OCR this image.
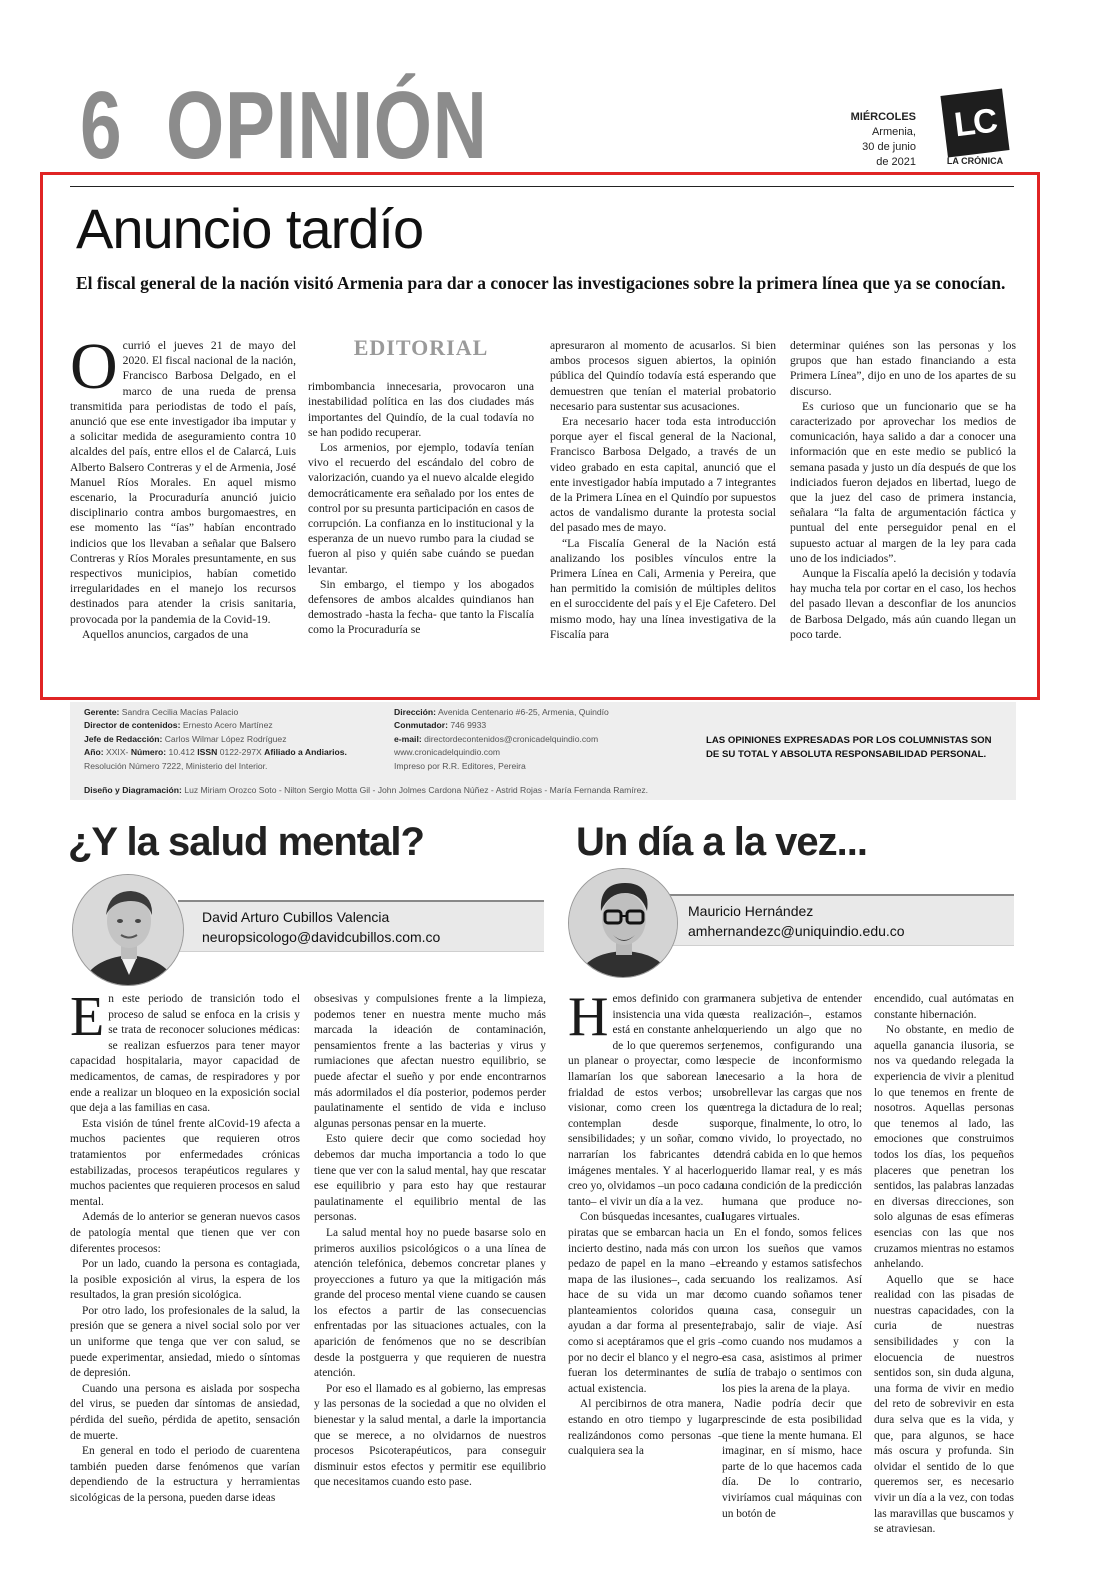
6 OPINIÓN	MIÉRCOLES
Armenia,
30 de junio
de 2021
LC
LA CRÓNICA
Anuncio tardío
El fiscal general de la nación visitó Armenia para dar a conocer las investigaciones sobre la primera línea que ya se conocían.

Ocurrió el jueves 21 de mayo del 2020. El fiscal nacional de la nación, Francisco Barbosa Delgado, en el marco de una rueda de prensa transmitida para periodistas de todo el país, anunció que ese ente investigador iba imputar y a solicitar medida de aseguramiento contra 10 alcaldes del país, entre ellos el de Calarcá, Luis Alberto Balsero Contreras y el de Armenia, José Manuel Ríos Morales. En aquel mismo escenario, la Procuraduría anunció juicio disciplinario contra ambos burgomaestres, en ese momento las “ías” habían encontrado indicios que los llevaban a señalar que Balsero Contreras y Ríos Morales presuntamente, en sus respectivos municipios, habían cometido irregularidades en el manejo los recursos destinados para atender la crisis sanitaria, provocada por la pandemia de la Covid-19.

Aquellos anuncios, cargados de una

EDITORIAL

rimbombancia innecesaria, provocaron una inestabilidad política en las dos ciudades más importantes del Quindío, de la cual todavía no se han podido recuperar.

Los armenios, por ejemplo, todavía tenían vivo el recuerdo del escándalo del cobro de valorización, cuando ya el nuevo alcalde elegido democráticamente era señalado por los entes de control por su presunta participación en casos de corrupción. La confianza en lo institucional y la esperanza de un nuevo rumbo para la ciudad se fueron al piso y quién sabe cuándo se puedan levantar.

Sin embargo, el tiempo y los abogados defensores de ambos alcaldes quindianos han demostrado -hasta la fecha- que tanto la Fiscalía como la Procuraduría se

apresuraron al momento de acusarlos. Si bien ambos procesos siguen abiertos, la opinión pública del Quindío todavía está esperando que demuestren que tenían el material probatorio necesario para sustentar sus acusaciones.

Era necesario hacer toda esta introducción porque ayer el fiscal general de la Nacional, Francisco Barbosa Delgado, a través de un video grabado en esta capital, anunció que el ente investigador había imputado a 7 integrantes de la Primera Línea en el Quindío por supuestos actos de vandalismo durante la protesta social del pasado mes de mayo.

“La Fiscalía General de la Nación está analizando los posibles vínculos entre la Primera Línea en Cali, Armenia y Pereira, que han permitido la comisión de múltiples delitos en el suroccidente del país y el Eje Cafetero. Del mismo modo, hay una línea investigativa de la Fiscalía para

determinar quiénes son las personas y los grupos que han estado financiando a esta Primera Línea”, dijo en uno de los apartes de su discurso.

Es curioso que un funcionario que se ha caracterizado por aprovechar los medios de comunicación, haya salido a dar a conocer una información que en este medio se publicó la semana pasada y justo un día después de que los indiciados fueron dejados en libertad, luego de que la juez del caso de primera instancia, señalara “la falta de argumentación fáctica y puntual del ente perseguidor penal en el supuesto actuar al margen de la ley para cada uno de los indiciados”.

Aunque la Fiscalía apeló la decisión y todavía hay mucha tela por cortar en el caso, los hechos del pasado llevan a desconfiar de los anuncios de Barbosa Delgado, más aún cuando llegan un poco tarde.

Gerente: Sandra Cecilia Macías Palacio
Director de contenidos: Ernesto Acero Martínez
Jefe de Redacción: Carlos Wilmar López Rodríguez
Año: XXIX- Número: 10.412 ISSN 0122-297X Afiliado a Andiarios.
Resolución Número 7222, Ministerio del Interior.
Dirección: Avenida Centenario #6-25, Armenia, Quindío
Conmutador: 746 9933
e-mail: directordecontenidos@cronicadelquindio.com
www.cronicadelquindio.com
Impreso por R.R. Editores, Pereira
LAS OPINIONES EXPRESADAS POR LOS COLUMNISTAS SON DE SU TOTAL Y ABSOLUTA RESPONSABILIDAD PERSONAL.
Diseño y Diagramación: Luz Miriam Orozco Soto - Nilton Sergio Motta Gil - John Jolmes Cardona Núñez - Astrid Rojas - María Fernanda Ramírez.
¿Y la salud mental?
David Arturo Cubillos Valencia
neuropsicologo@davidcubillos.com.co

En este periodo de transición todo el proceso de salud se enfoca en la crisis y se trata de reconocer soluciones médicas: se realizan esfuerzos para tener mayor capacidad hospitalaria, mayor capacidad de medicamentos, de camas, de respiradores y por ende a realizar un bloqueo en la exposición social que deja a las familias en casa.

Esta visión de túnel frente alCovid-19 afecta a muchos pacientes que requieren otros tratamientos por enfermedades crónicas estabilizadas, procesos terapéuticos regulares y muchos pacientes que requieren procesos en salud mental.

Además de lo anterior se generan nuevos casos de patología mental que tienen que ver con diferentes procesos:

Por un lado, cuando la persona es contagiada, la posible exposición al virus, la espera de los resultados, la gran presión sicológica.

Por otro lado, los profesionales de la salud, la presión que se genera a nivel social solo por ver un uniforme que tenga que ver con salud, se puede experimentar, ansiedad, miedo o síntomas de depresión.

Cuando una persona es aislada por sospecha del virus, se pueden dar síntomas de ansiedad, pérdida del sueño, pérdida de apetito, sensación de muerte.

En general en todo el periodo de cuarentena también pueden darse fenómenos que varían dependiendo de la estructura y herramientas sicológicas de la persona, pueden darse ideas

obsesivas y compulsiones frente a la limpieza, podemos tener en nuestra mente mucho más marcada la ideación de contaminación, pensamientos frente a las bacterias y virus y rumiaciones que afectan nuestro equilibrio, se puede afectar el sueño y por ende encontrarnos más adormilados el día posterior, podemos perder paulatinamente el sentido de vida e incluso algunas personas pensar en la muerte.

Esto quiere decir que como sociedad hoy debemos dar mucha importancia a todo lo que tiene que ver con la salud mental, hay que rescatar ese equilibrio y para esto hay que restaurar paulatinamente el equilibrio mental de las personas.

La salud mental hoy no puede basarse solo en primeros auxilios psicológicos o a una línea de atención telefónica, debemos concretar planes y proyecciones a futuro ya que la mitigación más grande del proceso mental viene cuando se causen los efectos a partir de las consecuencias enfrentadas por las situaciones actuales, con la aparición de fenómenos que no se describían desde la postguerra y que requieren de nuestra atención.

Por eso el llamado es al gobierno, las empresas y las personas de la sociedad a que no olviden el bienestar y la salud mental, a darle la importancia que se merece, a no olvidarnos de nuestros procesos Psicoterapéuticos, para conseguir disminuir estos efectos y permitir ese equilibrio que necesitamos cuando esto pase.

Un día a la vez...
Mauricio Hernández
amhernandezc@uniquindio.edu.co

Hemos definido con gran insistencia una vida que está en constante anhelo de lo que queremos ser; un planear o proyectar, como le llamarían los que saborean la frialdad de estos verbos; un visionar, como creen los que contemplan desde sus sensibilidades; y un soñar, como narrarían los fabricantes de imágenes mentales. Y al hacerlo, creo yo, olvidamos –un poco cada tanto– el vivir un día a la vez.

Con búsquedas incesantes, cual piratas que se embarcan hacia un incierto destino, nada más con un pedazo de papel en la mano –el mapa de las ilusiones–, cada ser hace de su vida un mar de planteamientos coloridos que ayudan a dar forma al presente, como si aceptáramos que el gris –por no decir el blanco y el negro– fueran los determinantes de su actual existencia.

Al percibirnos de otra manera, estando en otro tiempo y lugar, realizándonos como personas –cualquiera sea la

manera subjetiva de entender esta realización–, estamos queriendo un algo que no tenemos, configurando una especie de inconformismo necesario a la hora de sobrellevar las cargas que nos entrega la dictadura de lo real; porque, finalmente, lo otro, lo no vivido, lo proyectado, no tendrá cabida en lo que hemos querido llamar real, y es más una condición de la predicción humana que produce no-lugares virtuales.

En el fondo, somos felices con los sueños que vamos creando y estamos satisfechos cuando los realizamos. Así como cuando soñamos tener una casa, conseguir un trabajo, salir de viaje. Así como cuando nos mudamos a esa casa, asistimos al primer día de trabajo o sentimos con los pies la arena de la playa.

Nadie podría decir que prescinde de esta posibilidad que tiene la mente humana. El imaginar, en sí mismo, hace parte de lo que hacemos cada día. De lo contrario, viviríamos cual máquinas con un botón de

encendido, cual autómatas en constante hibernación.

No obstante, en medio de aquella ganancia ilusoria, se nos va quedando relegada la experiencia de vivir a plenitud lo que tenemos en frente de nosotros. Aquellas personas que tenemos al lado, las emociones que construimos todos los días, los pequeños placeres que penetran los sentidos, las palabras lanzadas en diversas direcciones, son solo algunas de esas efímeras esencias con las que nos cruzamos mientras no estamos anhelando.

Aquello que se hace realidad con las pisadas de nuestras capacidades, con la curia de nuestras sensibilidades y con la elocuencia de nuestros sentidos son, sin duda alguna, una forma de vivir en medio del reto de sobrevivir en esta dura selva que es la vida, y que, para algunos, se hace más oscura y profunda. Sin olvidar el sentido de lo que queremos ser, es necesario vivir un día a la vez, con todas las maravillas que buscamos y se atraviesan.
